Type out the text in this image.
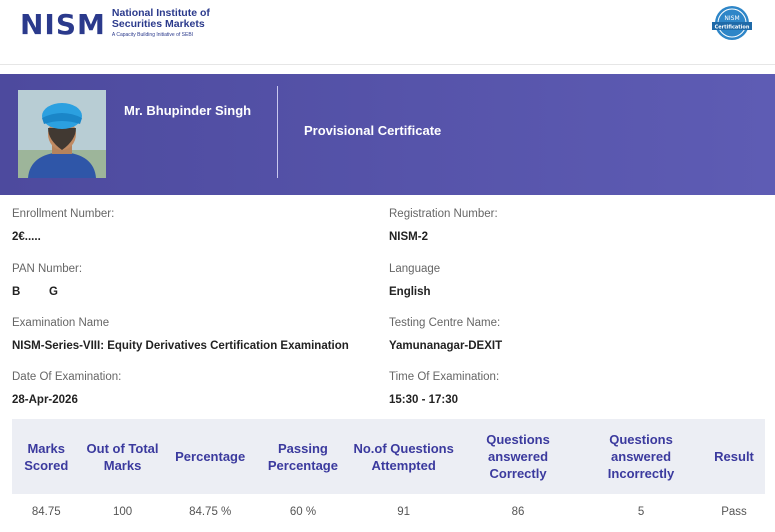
NISM National Institute of
Securities Markets
A Capacity Building Initiative of SEBI
NISM
Certification
Mr. Bhupinder Singh
Provisional Certificate
Enrollment Number:
2€.....
Registration Number:
NISM-2
PAN Number:
B         G
Language
English
Examination Name
NISM-Series-VIII: Equity Derivatives Certification Examination
Testing Centre Name:
Yamunanagar-DEXIT
Date Of Examination:
28-Apr-2026
Time Of Examination:
15:30 - 17:30
Marks Scored	Out of Total Marks	Percentage	Passing Percentage	No.of Questions Attempted	Questions answered Correctly	Questions answered Incorrectly	Result
84.75	100	84.75 %	60 %	91	86	5	Pass
